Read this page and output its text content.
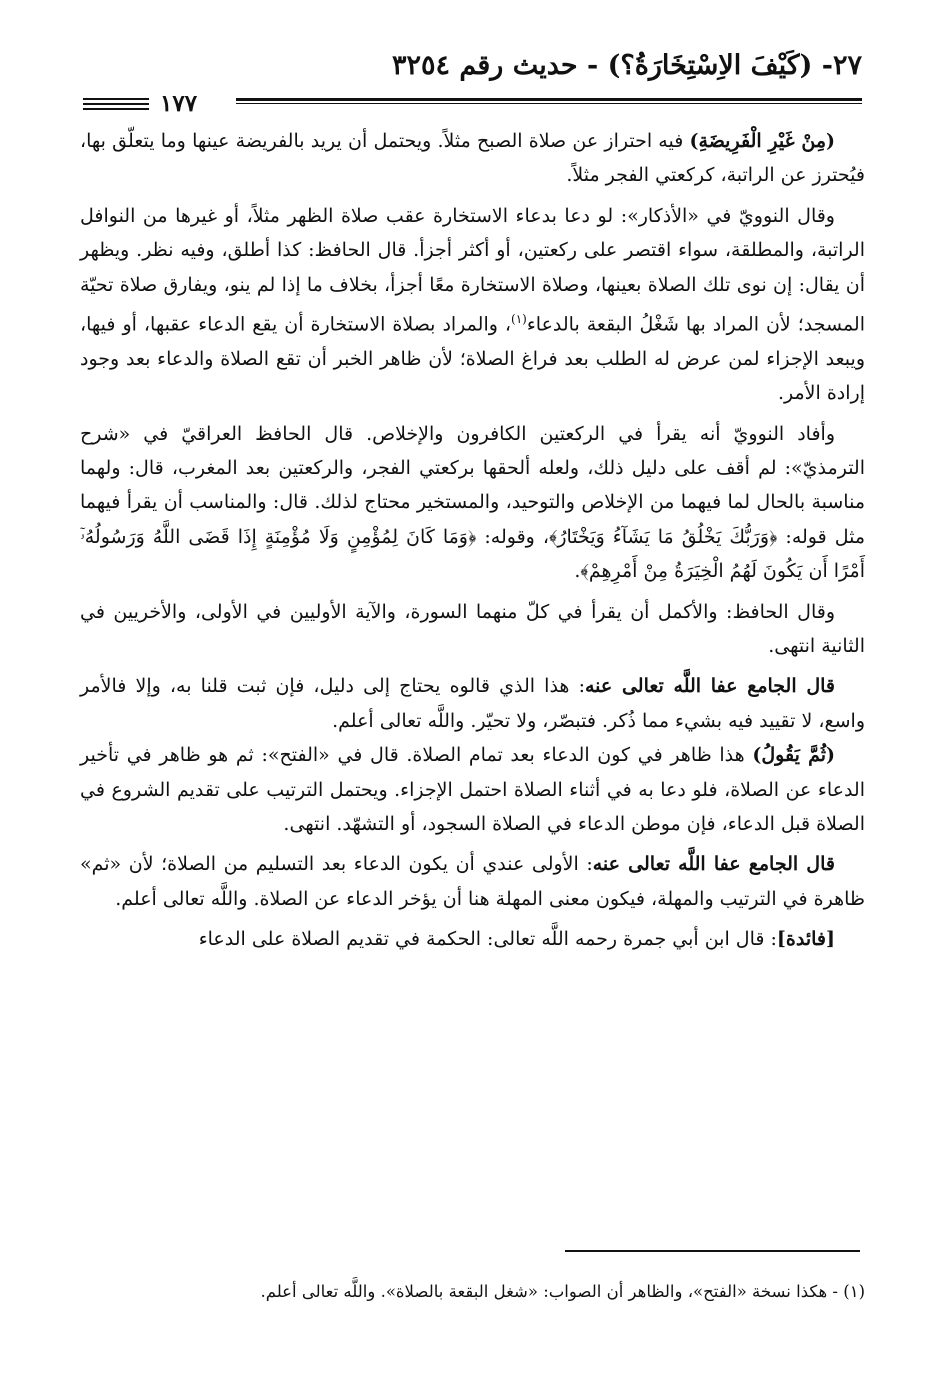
٢٧- (كَيْفَ الاِسْتِخَارَةُ؟) - حديث رقم ٣٢٥٤
١٧٧

(مِنْ غَيْرِ الْفَرِيضَةِ) فيه احتراز عن صلاة الصبح مثلاً. ويحتمل أن يريد بالفريضة عينها وما يتعلّق بها، فيُحترز عن الراتبة، كركعتي الفجر مثلاً.

وقال النوويّ في «الأذكار»: لو دعا بدعاء الاستخارة عقب صلاة الظهر مثلاً، أو غيرها من النوافل الراتبة، والمطلقة، سواء اقتصر على ركعتين، أو أكثر أجزأ. قال الحافظ: كذا أطلق، وفيه نظر. ويظهر أن يقال: إن نوى تلك الصلاة بعينها، وصلاة الاستخارة معًا أجزأ، بخلاف ما إذا لم ينو، ويفارق صلاة تحيّة المسجد؛ لأن المراد بها شَغْلُ البقعة بالدعاء$^{(١)}$، والمراد بصلاة الاستخارة أن يقع الدعاء عقبها، أو فيها، ويبعد الإجزاء لمن عرض له الطلب بعد فراغ الصلاة؛ لأن ظاهر الخبر أن تقع الصلاة والدعاء بعد وجود إرادة الأمر.

وأفاد النوويّ أنه يقرأ في الركعتين الكافرون والإخلاص. قال الحافظ العراقيّ في «شرح الترمذيّ»: لم أقف على دليل ذلك، ولعله ألحقها بركعتي الفجر، والركعتين بعد المغرب، قال: ولهما مناسبة بالحال لما فيهما من الإخلاص والتوحيد، والمستخير محتاج لذلك. قال: والمناسب أن يقرأ فيهما مثل قوله: ﴿وَرَبُّكَ يَخْلُقُ مَا يَشَآءُ وَيَخْتَارُ﴾، وقوله: ﴿وَمَا كَانَ لِمُؤْمِنٍ وَلَا مُؤْمِنَةٍ إِذَا قَضَى اللَّهُ وَرَسُولُهُۥٓ أَمْرًا أَن يَكُونَ لَهُمُ الْخِيَرَةُ مِنْ أَمْرِهِمْ﴾.

وقال الحافظ: والأكمل أن يقرأ في كلّ منهما السورة، والآية الأوليين في الأولى، والأخريين في الثانية انتهى.

قال الجامع عفا اللَّه تعالى عنه: هذا الذي قالوه يحتاج إلى دليل، فإن ثبت قلنا به، وإلا فالأمر واسع، لا تقييد فيه بشيء مما ذُكر. فتبصّر، ولا تحيّر. واللَّه تعالى أعلم.

(ثُمَّ يَقُولُ) هذا ظاهر في كون الدعاء بعد تمام الصلاة. قال في «الفتح»: ثم هو ظاهر في تأخير الدعاء عن الصلاة، فلو دعا به في أثناء الصلاة احتمل الإجزاء. ويحتمل الترتيب على تقديم الشروع في الصلاة قبل الدعاء، فإن موطن الدعاء في الصلاة السجود، أو التشهّد. انتهى.

قال الجامع عفا اللَّه تعالى عنه: الأولى عندي أن يكون الدعاء بعد التسليم من الصلاة؛ لأن «ثم» ظاهرة في الترتيب والمهلة، فيكون معنى المهلة هنا أن يؤخر الدعاء عن الصلاة. واللَّه تعالى أعلم.

[فائدة]: قال ابن أبي جمرة رحمه اللَّه تعالى: الحكمة في تقديم الصلاة على الدعاء

(١) - هكذا نسخة «الفتح»، والظاهر أن الصواب: «شغل البقعة بالصلاة». واللَّه تعالى أعلم.
